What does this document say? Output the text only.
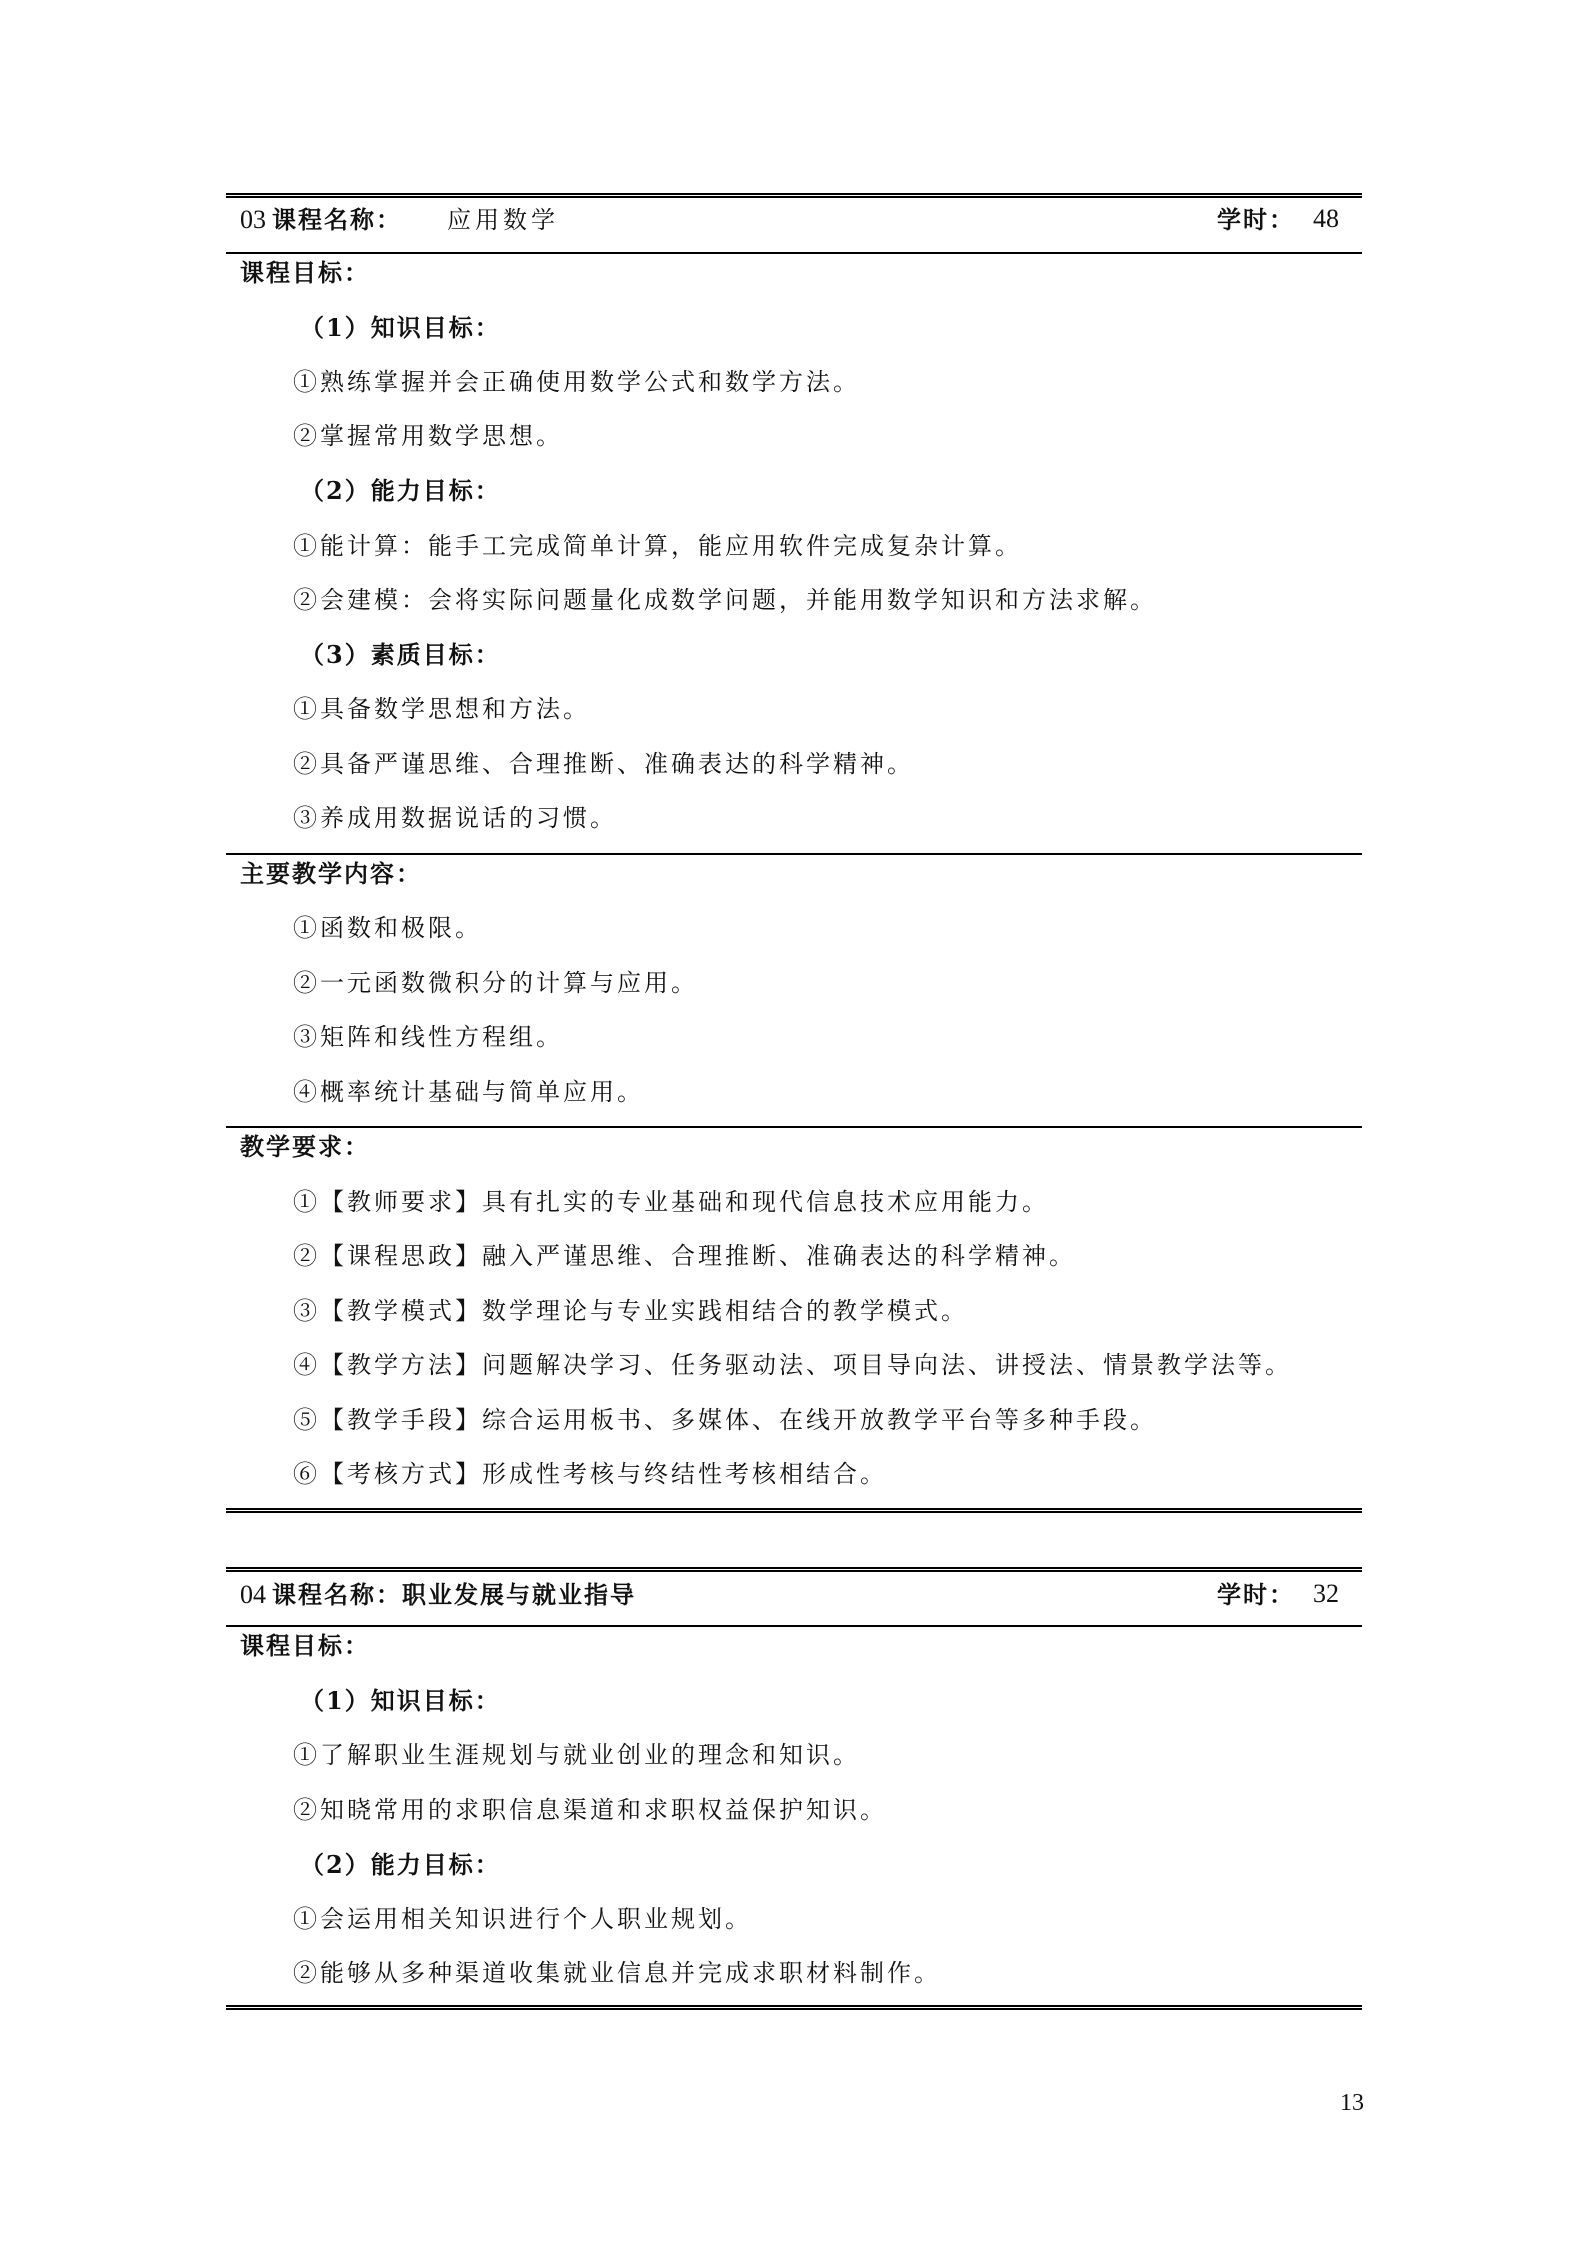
03 课程名称： 应用数学	学时： 48
课程目标：
（1）知识目标：
①熟练掌握并会正确使用数学公式和数学方法。
②掌握常用数学思想。
（2）能力目标：
①能计算：能手工完成简单计算，能应用软件完成复杂计算。
②会建模：会将实际问题量化成数学问题，并能用数学知识和方法求解。
（3）素质目标：
①具备数学思想和方法。
②具备严谨思维、合理推断、准确表达的科学精神。
③养成用数据说话的习惯。
主要教学内容：
①函数和极限。
②一元函数微积分的计算与应用。
③矩阵和线性方程组。
④概率统计基础与简单应用。
教学要求：
①【教师要求】具有扎实的专业基础和现代信息技术应用能力。
②【课程思政】融入严谨思维、合理推断、准确表达的科学精神。
③【教学模式】数学理论与专业实践相结合的教学模式。
④【教学方法】问题解决学习、任务驱动法、项目导向法、讲授法、情景教学法等。
⑤【教学手段】综合运用板书、多媒体、在线开放教学平台等多种手段。
⑥【考核方式】形成性考核与终结性考核相结合。
04 课程名称：职业发展与就业指导	学时： 32
课程目标：
（1）知识目标：
①了解职业生涯规划与就业创业的理念和知识。
②知晓常用的求职信息渠道和求职权益保护知识。
（2）能力目标：
①会运用相关知识进行个人职业规划。
②能够从多种渠道收集就业信息并完成求职材料制作。
13
